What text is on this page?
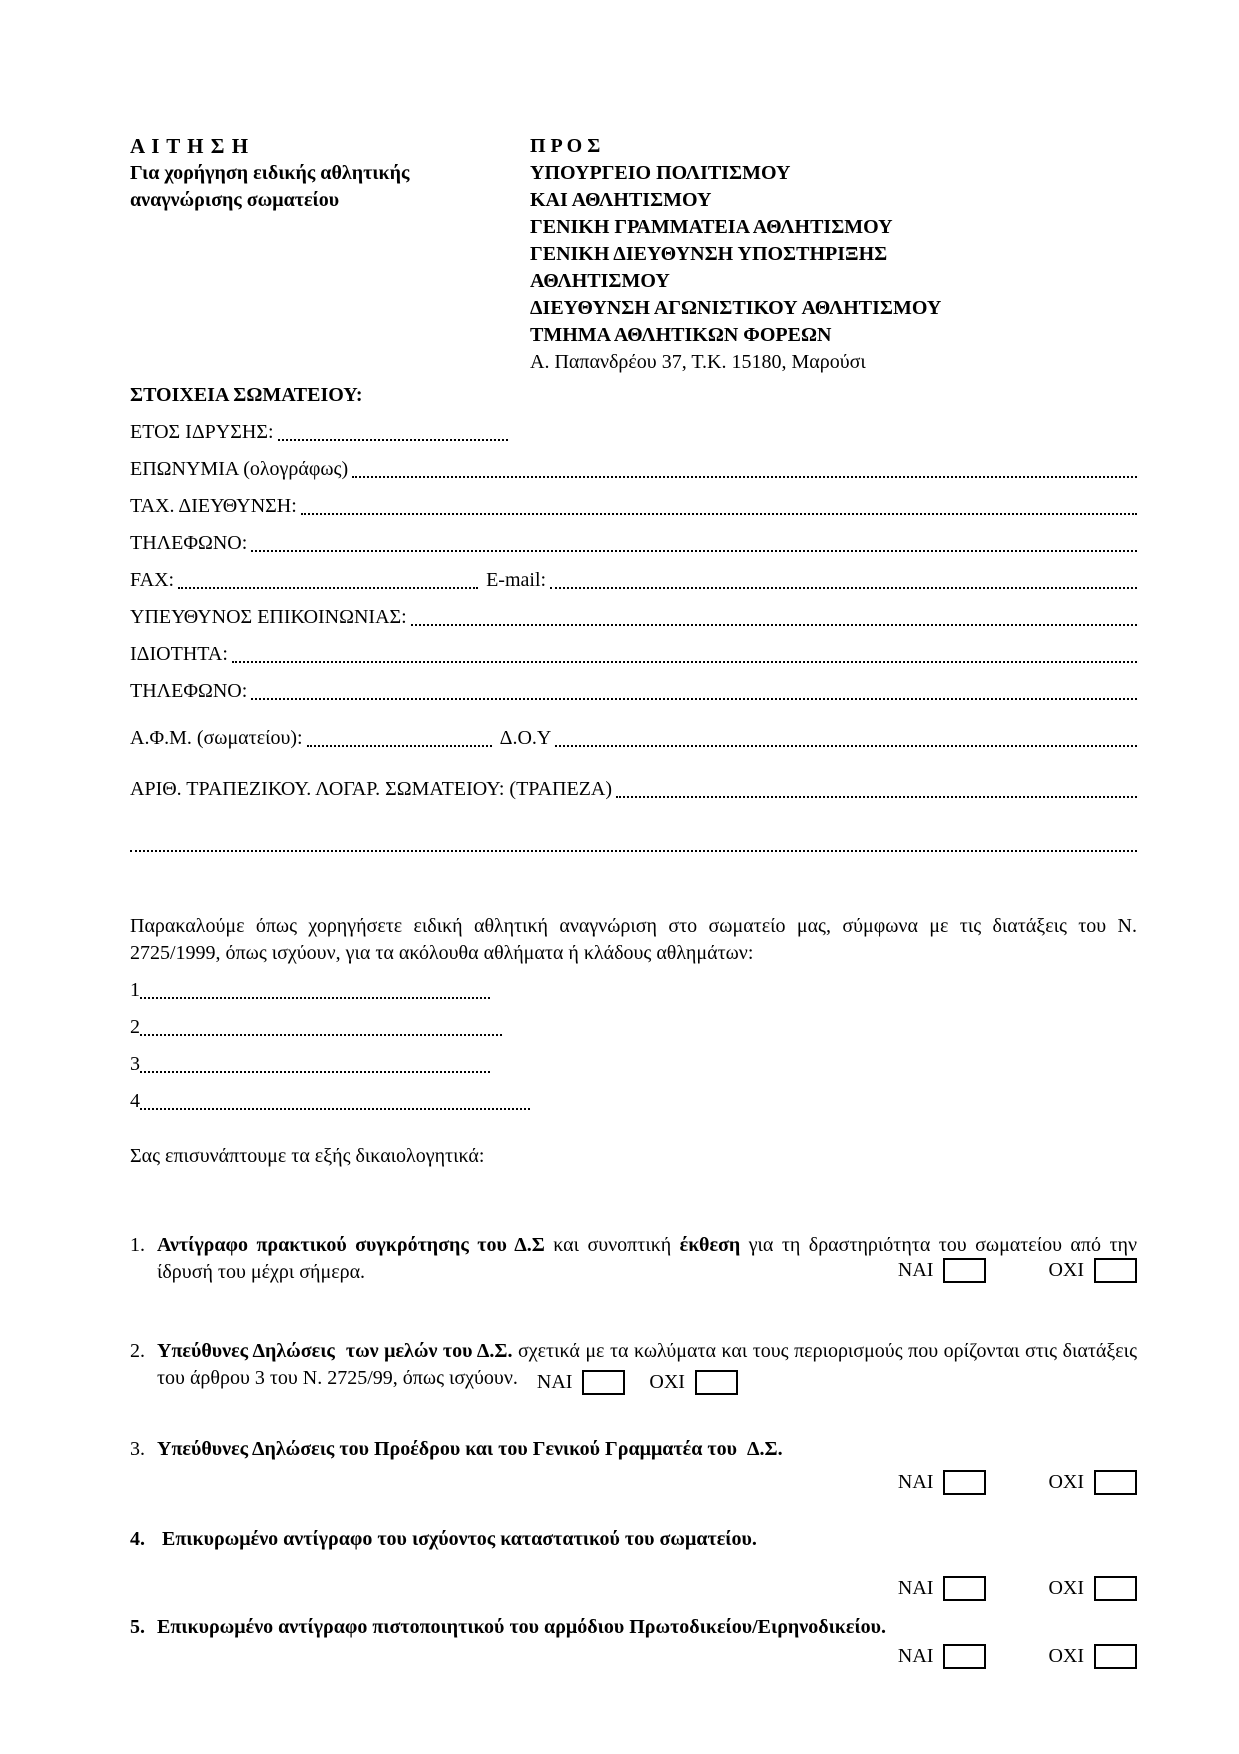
Α Ι Τ Η Σ Η
Για χορήγηση ειδικής αθλητικής
αναγνώρισης σωματείου
Π Ρ Ο Σ
ΥΠΟΥΡΓΕΙΟ ΠΟΛΙΤΙΣΜΟΥ
ΚΑΙ ΑΘΛΗΤΙΣΜΟΥ
ΓΕΝΙΚΗ ΓΡΑΜΜΑΤΕΙΑ ΑΘΛΗΤΙΣΜΟΥ
ΓΕΝΙΚΗ ΔΙΕΥΘΥΝΣΗ ΥΠΟΣΤΗΡΙΞΗΣ
ΑΘΛΗΤΙΣΜΟΥ
ΔΙΕΥΘΥΝΣΗ ΑΓΩΝΙΣΤΙΚΟΥ ΑΘΛΗΤΙΣΜΟΥ
ΤΜΗΜΑ ΑΘΛΗΤΙΚΩΝ ΦΟΡΕΩΝ
Α. Παπανδρέου 37, Τ.Κ. 15180, Μαρούσι
ΣΤΟΙΧΕΙΑ ΣΩΜΑΤΕΙΟΥ:
ΕΤΟΣ ΙΔΡΥΣΗΣ:
ΕΠΩΝΥΜΙΑ (ολογράφως)
ΤΑΧ. ΔΙΕΥΘΥΝΣΗ:
ΤΗΛΕΦΩΝΟ:
FAX:	E-mail:
ΥΠΕΥΘΥΝΟΣ ΕΠΙΚΟΙΝΩΝΙΑΣ:
ΙΔΙΟΤΗΤΑ:
ΤΗΛΕΦΩΝΟ:
Α.Φ.Μ. (σωματείου):	Δ.Ο.Υ
ΑΡΙΘ. ΤΡΑΠΕΖΙΚΟΥ. ΛΟΓΑΡ. ΣΩΜΑΤΕΙΟΥ: (ΤΡΑΠΕΖΑ)
Παρακαλούμε όπως χορηγήσετε ειδική αθλητική αναγνώριση στο σωματείο μας, σύμφωνα με τις διατάξεις του Ν. 2725/1999, όπως ισχύουν, για τα ακόλουθα αθλήματα ή κλάδους αθλημάτων:
1
2
3
4
Σας επισυνάπτουμε τα εξής δικαιολογητικά:
1. Αντίγραφο πρακτικού συγκρότησης του Δ.Σ και συνοπτική έκθεση για τη δραστηριότητα του σωματείου από την ίδρυσή του μέχρι σήμερα.	ΝΑΙ	ΟΧΙ
2. Υπεύθυνες Δηλώσεις  των μελών του Δ.Σ. σχετικά με τα κωλύματα και τους περιορισμούς που ορίζονται στις διατάξεις του άρθρου 3 του Ν. 2725/99, όπως ισχύουν. ΝΑΙ	ΟΧΙ
3. Υπεύθυνες Δηλώσεις του Προέδρου και του Γενικού Γραμματέα του  Δ.Σ.
ΝΑΙ	ΟΧΙ
4. Επικυρωμένο αντίγραφο του ισχύοντος καταστατικού του σωματείου.
ΝΑΙ	ΟΧΙ
5. Επικυρωμένο αντίγραφο πιστοποιητικού του αρμόδιου Πρωτοδικείου/Ειρηνοδικείου.
ΝΑΙ	ΟΧΙ
